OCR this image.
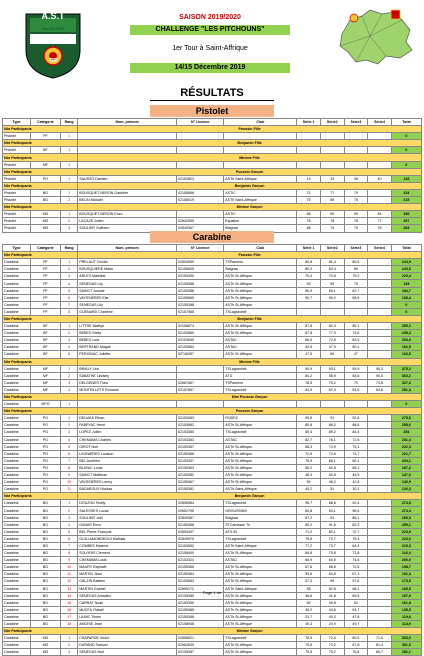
A.S.T
HAUTE-RIVE
TIR
SAISON 2019/2020
CHALLENGE "LES PITCHOUNS"
1er Tour à Saint-Affrique
14/15 Décembre 2019
RÉSULTATS
Pistolet
Type	Catégorie	Rang	Nom, prénom	N° Licence	Club	Série 1	Série2	Série3	Série4	Total
Nbr Participants			Poussin Fille							
Pistolet	PF	1								0
Nbr Participants			Benjamin Fille							
Pistolet	BF	1								0
Nbr Participants			Minime Fille							
Pistolet	MF	1								0
Nbr Participants			Poussin Garçon							
Pistolet	PG	1	SAUSSO Damien	02153823	ASTir Saint-Affrique	19	33	36	40	128
Nbr Participants			Benjamin Garçon							
Pistolet	BG	1	BOUSQUET-NERON Gauthier	02155896	ASTIC	71	77	79		224
Pistolet	BG	2	BELIN Mickaël	02156019	ASTir Saint-Affrique	75	69	75		219
Nbr Participants			Minime Garçon							
Pistolet	MG	1	BOUSQUET-NERON Enzo		ASTIC	86	90	95	84	346
Pistolet	MG	2	LACAZE Julien	02842555	Espalion	78	78	78	77	297
Pistolet	MG	3	SOULIER Guilhem	02849367	Blagnac	68	74	75	78	284
Carabine
Type	Catégorie	Rang	Nom, prénom	N° Licence	Club	Série 1	Série2	Série3	Série4	Total
Nbr Participants			Poussin Fille							
Carabine	PF	1	PRELAUT Cécilia	02804950	TSPamiers	80,8	81,4	89,5		244,9
Carabine	PF	2	BOUSQUIERE Malia	02155605	Blagnac	80,2	83,4	80		243,6
Carabine	PF	3	ARLES Mathilde	02155390	ASTir St-Affrique	70,4	70,8	79,2		220,4
Carabine	PF	4	SENEGAS Lily	02155388	ASTir St-Affrique	59	59	75		193
Carabine	PF	5	SAINCT Justine	02155386	ASTir St-Affrique	56,9	65,1	62,7		184,7
Carabine	PF	6	VAYSSIERES Ella	02155865	ASTir St-Affrique	50,7	59,2	58,5		168,4
Carabine	PF	7	SENEGAS Lily	02155388	ASTir St-Affrique					0
Carabine	PF	8	GUENARD Charlène	02157565	TSLagravinié					0
Nbr Participants			Benjamin Fille							
Carabine	BF	1	LITTRE Maëlys	02156874	ASTir St-Affrique	87,8	82,4	85,1		255,3
Carabine	BF	2	BEBES Stella	02153660	ASTir St-Affrique	87,8	77,0	74,6		239,4
Carabine	BF	3	BEBES Lola	02153659	ASTAC	66,5	72,6	63,9		203,0
Carabine	BF	4	BERTRAND Magali	02153664	ASTAC	54,5	47,9	60,1		162,5
Carabine	BF	5	PERIGNAC Juliette	02746357	ASTir St-Affrique	47,5	69	47		163,5
Nbr Participants			Minime Fille							
Carabine	MF	1	BRIALY Léa		TSLagravinié	90,9	93,1	95,9	95,3	375,2
Carabine	MF	2	SABATHE Lindsey		ATG	84,2	98,9	84,6	95,5	363,2
Carabine	MF	3	DELGENES Théa	02667667	TSPamiers	78,5	75,2	79	74,6	307,3
Carabine	MF	4	MONTEILLETS Romane	02157657	TSLagravinié	64,9	67,4	54,5	64,6	251,4
Nbr Participants			Mini Poussin Garçon							
Carabine	MPG	1								0
Nbr Participants			Poussin Garçon							
Carabine	PG	1	DELMAS Ethan	02153083	RODEZ	95,8	91	92,8		279,6
Carabine	PG	2	FABRYAC Henri	02153682	ASTir St-Affrique	80,8	86,2	88,6		255,6
Carabine	PG	3	LOPEZ Julien	02153380	TSLagravinié	80,4	89,2	84,4		254
Carabine	PG	4	CHEMAMA Charles	02153363	ASTAC	82,7	76,1	72,6		231,4
Carabine	PG	5	GIROT Noé	02155367	ASTir St-Affrique	68,3	74,9	79,1		222,3
Carabine	PG	6	LAGNIERES Louison	02155366	ASTir St-Affrique	72,5	74,5	74,7		221,7
Carabine	PG	7	BEL Aurélien	02153457	ASTir St-Affrique	75,9	68,1	60,1		204,1
Carabine	PG	8	BLAYAC Louis	02155363	ASTir St-Affrique	56,2	62,8	68,2		187,2
Carabine	PG	9	SAINCT Matthias	02155382	ASTir St-Affrique	48,3	53,8	45,5		147,6
Carabine	PG	10	VAYSSIERES Lenny	02155367	ASTir St-Affrique	50	48,2	42,8		140,9
Carabine	PG	11	BADAROUX Nicolas	02155381	ASTir Saint-Affrique	45,2	51	30,1		126,3
Nbr Participants			Benjamin Garçon							
Carabine	BG	1	DOUZOU Teddy	02898384	TSLagravinié	96,7	86,6	92,4		274,9
Carabine	BG	2	SALESSES Lucas	02652795	GROUSSINS	84,8	93,1	96,5		274,4
Carabine	BG	3	SOULIER Joël	02849367	Blagnac	87,2	91	88,1		266,3
Carabine	BG	4	GANAS Enzo	02155368	STCarcasse Tir	85,2	91,6	82,3		259,1
Carabine	BG	5	BEL Pierre-François	02653497	ATG 81	71,2	80,1	72,7		223,9
Carabine	BG	6	GUILLAMONDEGUI Mathias	02849975	TSLagravinié	75,6	72,7	75,3		223,6
Carabine	BG	7	COMBES Maxime	02153652	ASTir Saint-Affrique	77,2	73,7	64,4		215,3
Carabine	BG	8	SOUYRIS Clément	02158400	ASTir St-Affrique	66,8	75,8	73,8		216,4
Carabine	BG	9	CHEMAMA Louis	02153324	ASTAC	66,9	64,5	74,6		206,0
Carabine	BG	10	MAURY Raphaël	02155365	ASTir St-Affrique	67,6	58,6	72,5		198,7
Carabine	BG	11	MARTIN Jean	02155364	ASTir St-Affrique	59,6	64,5	67,3		191,4
Carabine	BG	12	GALZIN Bastien	02153683	ASTir St-Affrique	57,3	59	57,6		173,9
Carabine	BG	13	MARTIN Gabriel	02895172	ASTir Saint-Affrique	55	52,8	58,1		165,9
Carabine	BG	14	SENEGAS Amadéo	02155389	ASTir St-Affrique	46,6	41,8	69,5		157,9
Carabine	BG	15	CARRAT Noah	02155390	ASTir St-Affrique	60	49,8	52		161,8
Carabine	BG	16	MUCEU Rafaël	02155385	ASTir St-Affrique	36,2	44,6	54,7		135,5
Carabine	BG	17	LAMIC Timéo	02155386	ASTir St-Affrique	31,7	40,3	47,8		119,8
Carabine	BG	18	AMOISE Jean	02158946	ASTir St-Affrique	40,3	24,9	49,7		114,9
Nbr Participants			Minime Garçon							
Carabine	MG	1	CHAPARDE Victor	02856621	TSLagravinié	78,5	72,4	80,5	71,6	303,0
Carabine	MG	2	DURAND Samuel	02962839	ASTir St-Affrique	75,6	74,2	67,8	81,4	301,0
Carabine	MG	3	SENEGAS Noé	02155387	ASTir St-Affrique	75,5	75,2	76,8	66,7	281,1
Page 1 de
